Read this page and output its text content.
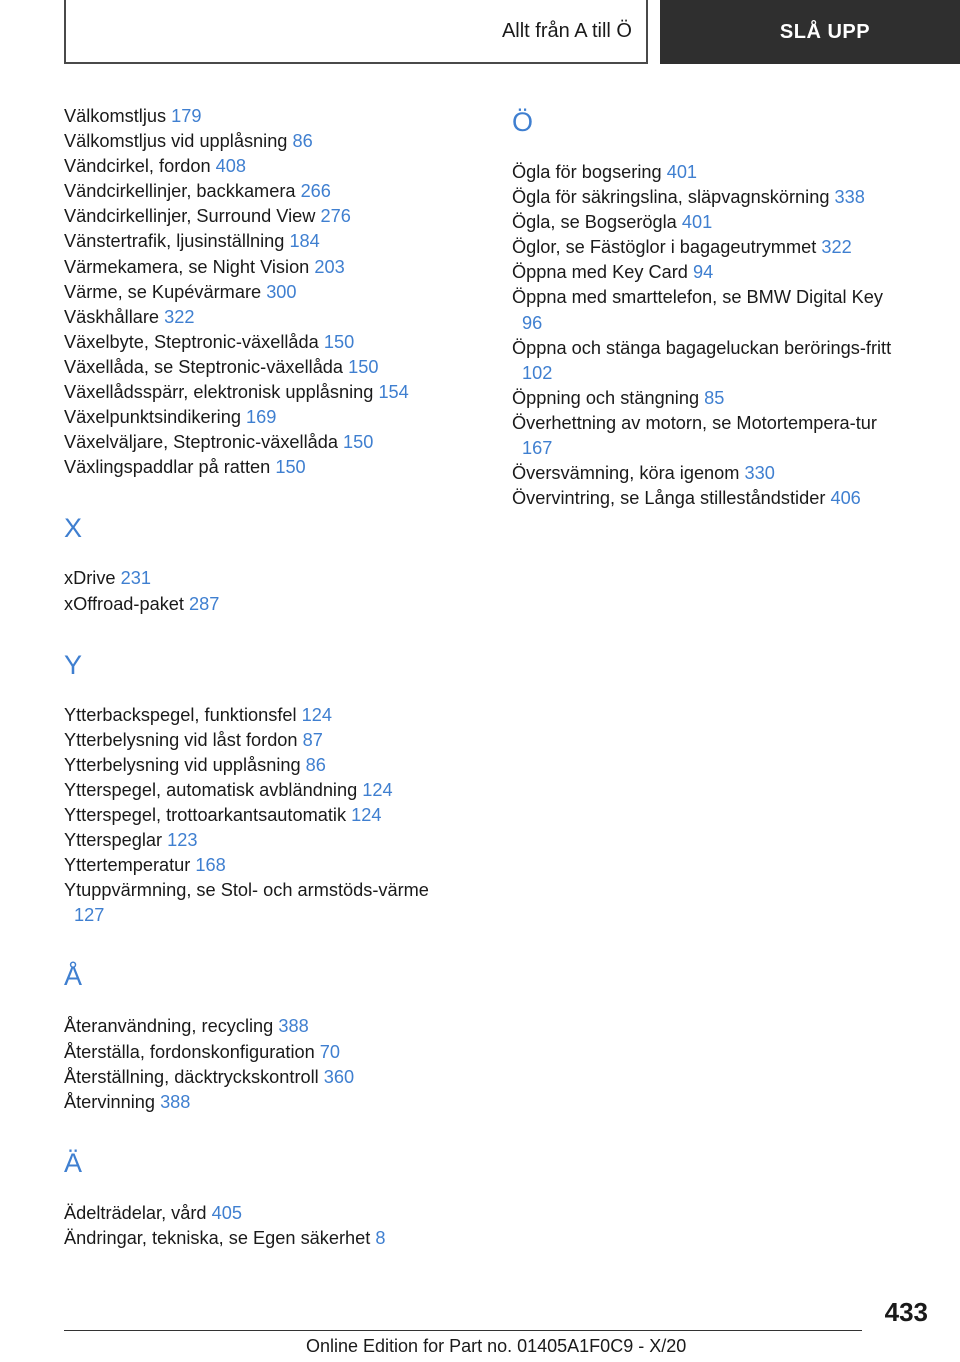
Allt från A till Ö	SLÅ UPP
Välkomstljus 179
Välkomstljus vid upplåsning 86
Vändcirkel, fordon 408
Vändcirkellinjer, backkamera 266
Vändcirkellinjer, Surround View 276
Vänstertrafik, ljusinställning 184
Värmekamera, se Night Vision 203
Värme, se Kupévärmare 300
Väskhållare 322
Växelbyte, Steptronic-växellåda 150
Växellåda, se Steptronic-växellåda 150
Växellådsspärr, elektronisk upplåsning 154
Växelpunktsindikering 169
Växelväljare, Steptronic-växellåda 150
Växlingspaddlar på ratten 150
X
xDrive 231
xOffroad-paket 287
Y
Ytterbackspegel, funktionsfel 124
Ytterbelysning vid låst fordon 87
Ytterbelysning vid upplåsning 86
Ytterspegel, automatisk avbländning 124
Ytterspegel, trottoarkantsautomatik 124
Ytterspeglar 123
Yttertemperatur 168
Ytuppvärmning, se Stol- och armstöds-värme 127
Å
Återanvändning, recycling 388
Återställa, fordonskonfiguration 70
Återställning, däcktryckskontroll 360
Återvinning 388
Ä
Ädelträdelar, vård 405
Ändringar, tekniska, se Egen säkerhet 8
Ö
Ögla för bogsering 401
Ögla för säkringslina, släpvagnskörning 338
Ögla, se Bogserögla 401
Öglor, se Fästöglor i bagageutrymmet 322
Öppna med Key Card 94
Öppna med smarttelefon, se BMW Digital Key 96
Öppna och stänga bagageluckan berörings-fritt 102
Öppning och stängning 85
Överhettning av motorn, se Motortempera-tur 167
Översvämning, köra igenom 330
Övervintring, se Långa stilleståndstider 406
433
Online Edition for Part no. 01405A1F0C9 - X/20
